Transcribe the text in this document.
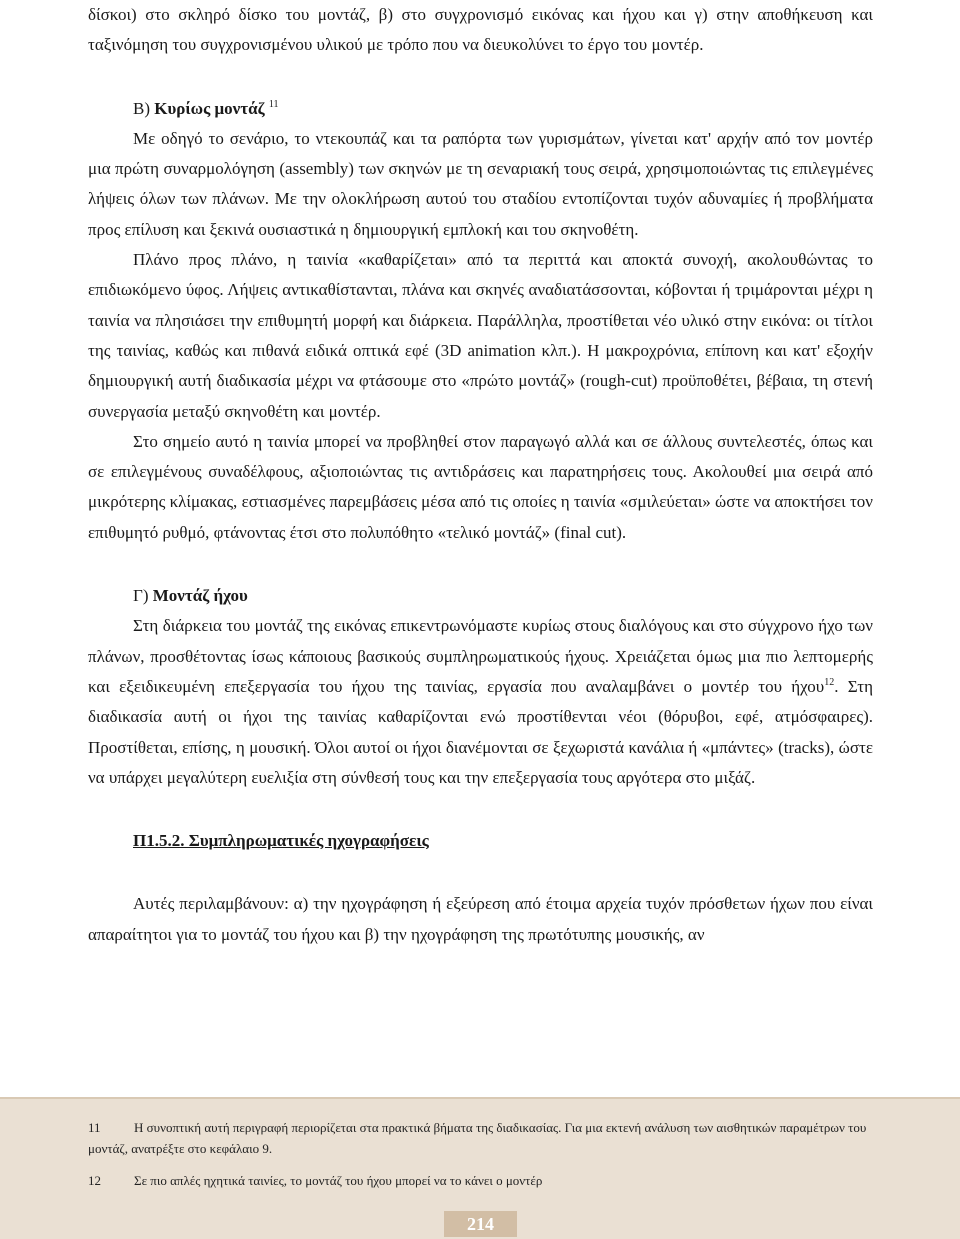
δίσκοι) στο σκληρό δίσκο του μοντάζ, β) στο συγχρονισμό εικόνας και ήχου και γ) στην αποθήκευση και ταξινόμηση του συγχρονισμένου υλικού με τρόπο που να διευκολύνει το έργο του μοντέρ.

Β) Κυρίως μοντάζ $^{11}$

Με οδηγό το σενάριο, το ντεκουπάζ και τα ραπόρτα των γυρισμάτων, γίνεται κατ' αρχήν από τον μοντέρ μια πρώτη συναρμολόγηση (assembly) των σκηνών με τη σεναριακή τους σειρά, χρησιμοποιώντας τις επιλεγμένες λήψεις όλων των πλάνων. Με την ολοκλήρωση αυτού του σταδίου εντοπίζονται τυχόν αδυναμίες ή προβλήματα προς επίλυση και ξεκινά ουσιαστικά η δημιουργική εμπλοκή και του σκηνοθέτη.

Πλάνο προς πλάνο, η ταινία «καθαρίζεται» από τα περιττά και αποκτά συνοχή, ακολουθώντας το επιδιωκόμενο ύφος. Λήψεις αντικαθίστανται, πλάνα και σκηνές αναδιατάσσονται, κόβονται ή τριμάρονται μέχρι η ταινία να πλησιάσει την επιθυμητή μορφή και διάρκεια. Παράλληλα, προστίθεται νέο υλικό στην εικόνα: οι τίτλοι της ταινίας, καθώς και πιθανά ειδικά οπτικά εφέ (3D animation κλπ.). Η μακροχρόνια, επίπονη και κατ' εξοχήν δημιουργική αυτή διαδικασία μέχρι να φτάσουμε στο «πρώτο μοντάζ» (rough-cut) προϋποθέτει, βέβαια, τη στενή συνεργασία μεταξύ σκηνοθέτη και μοντέρ.

Στο σημείο αυτό η ταινία μπορεί να προβληθεί στον παραγωγό αλλά και σε άλλους συντελεστές, όπως και σε επιλεγμένους συναδέλφους, αξιοποιώντας τις αντιδράσεις και παρατηρήσεις τους. Ακολουθεί μια σειρά από μικρότερης κλίμακας, εστιασμένες παρεμβάσεις μέσα από τις οποίες η ταινία «σμιλεύεται» ώστε να αποκτήσει τον επιθυμητό ρυθμό, φτάνοντας έτσι στο πολυπόθητο «τελικό μοντάζ» (final cut).

Γ) Μοντάζ ήχου

Στη διάρκεια του μοντάζ της εικόνας επικεντρωνόμαστε κυρίως στους διαλόγους και στο σύγχρονο ήχο των πλάνων, προσθέτοντας ίσως κάποιους βασικούς συμπληρωματικούς ήχους. Χρειάζεται όμως μια πιο λεπτομερής και εξειδικευμένη επεξεργασία του ήχου της ταινίας, εργασία που αναλαμβάνει ο μοντέρ του ήχου$^{12}$. Στη διαδικασία αυτή οι ήχοι της ταινίας καθαρίζονται ενώ προστίθενται νέοι (θόρυβοι, εφέ, ατμόσφαιρες). Προστίθεται, επίσης, η μουσική. Όλοι αυτοί οι ήχοι διανέμονται σε ξεχωριστά κανάλια ή «μπάντες» (tracks), ώστε να υπάρχει μεγαλύτερη ευελιξία στη σύνθεσή τους και την επεξεργασία τους αργότερα στο μιξάζ.

Π1.5.2. Συμπληρωματικές ηχογραφήσεις

Αυτές περιλαμβάνουν: α) την ηχογράφηση ή εξεύρεση από έτοιμα αρχεία τυχόν πρόσθετων ήχων που είναι απαραίτητοι για το μοντάζ του ήχου και β) την ηχογράφηση της πρωτότυπης μουσικής, αν

11	Η συνοπτική αυτή περιγραφή περιορίζεται στα πρακτικά βήματα της διαδικασίας. Για μια εκτενή ανάλυση των αισθητικών παραμέτρων του μοντάζ, ανατρέξτε στο κεφάλαιο 9.
12	Σε πιο απλές ηχητικά ταινίες, το μοντάζ του ήχου μπορεί να το κάνει ο μοντέρ
214
